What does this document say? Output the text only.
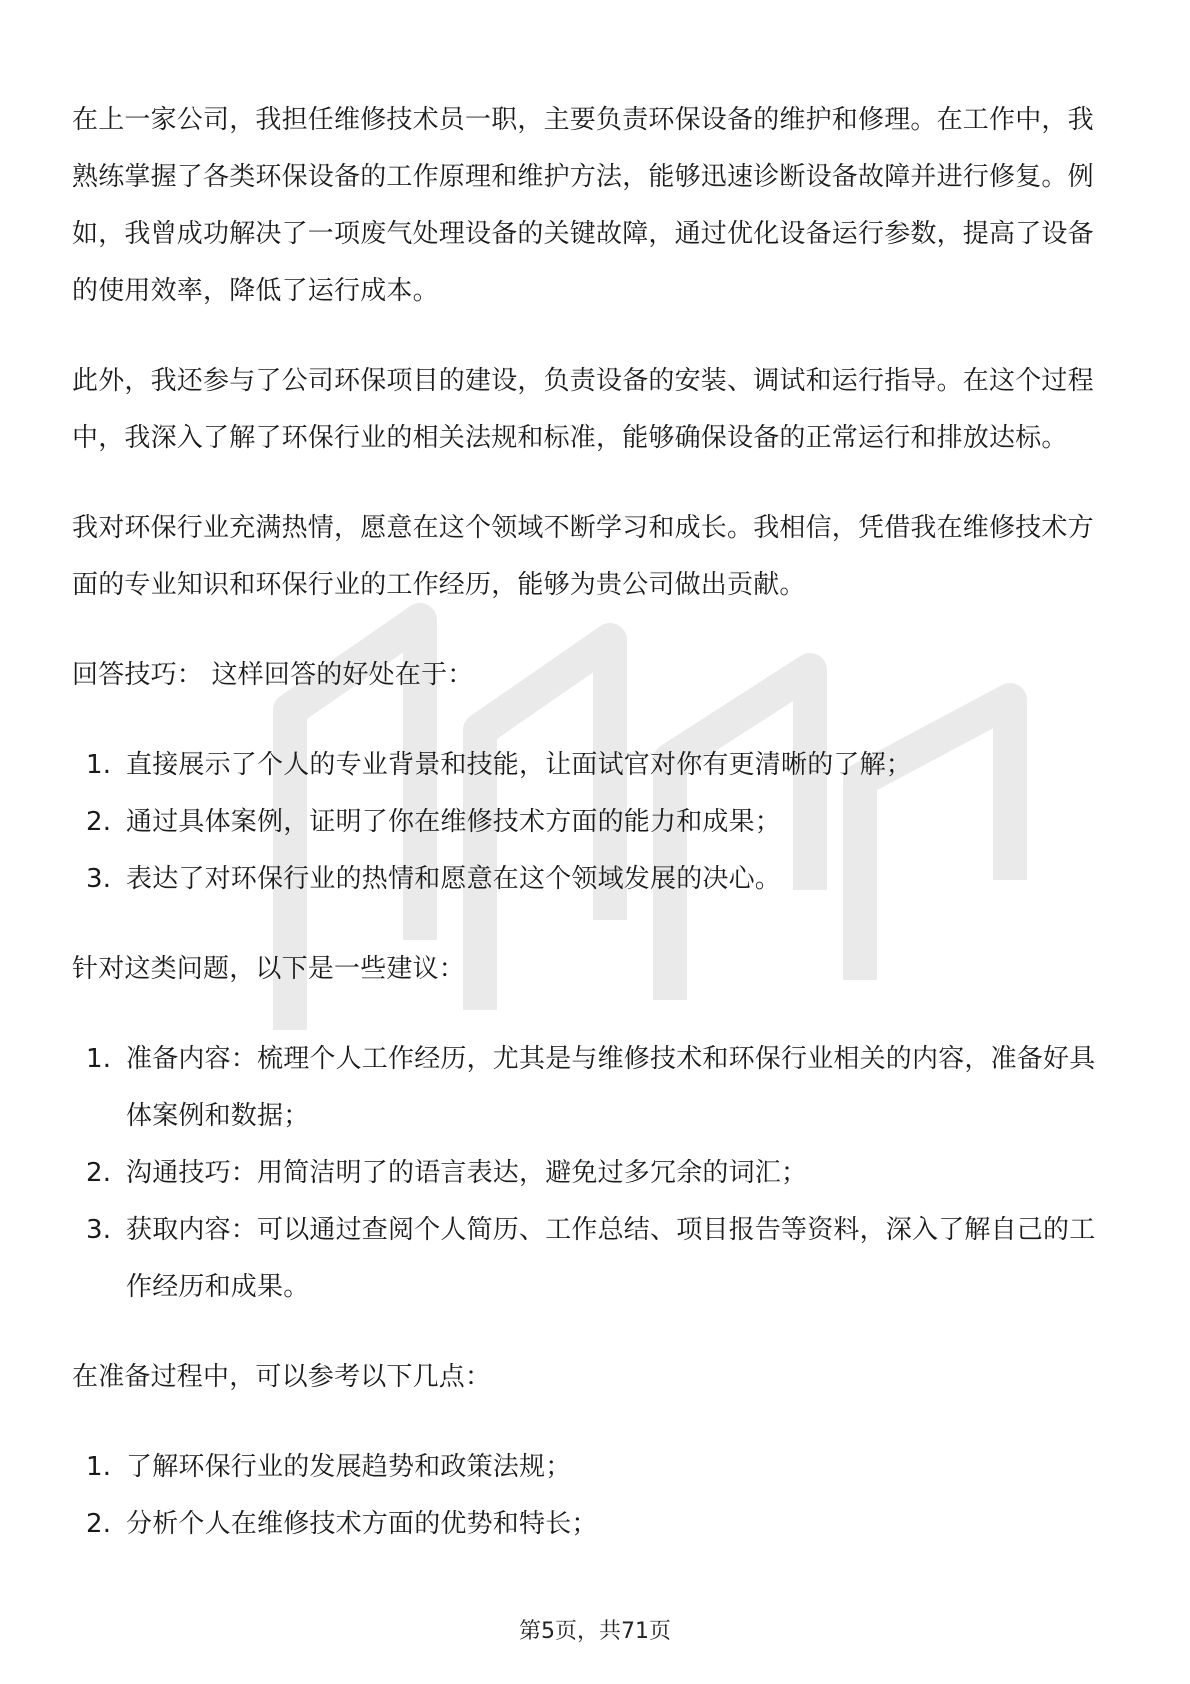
在上一家公司，我担任维修技术员一职，主要负责环保设备的维护和修理。在工作中，我熟练掌握了各类环保设备的工作原理和维护方法，能够迅速诊断设备故障并进行修复。例如，我曾成功解决了一项废气处理设备的关键故障，通过优化设备运行参数，提高了设备的使用效率，降低了运行成本。

此外，我还参与了公司环保项目的建设，负责设备的安装、调试和运行指导。在这个过程中，我深入了解了环保行业的相关法规和标准，能够确保设备的正常运行和排放达标。

我对环保行业充满热情，愿意在这个领域不断学习和成长。我相信，凭借我在维修技术方面的专业知识和环保行业的工作经历，能够为贵公司做出贡献。

回答技巧： 这样回答的好处在于：

1. 直接展示了个人的专业背景和技能，让面试官对你有更清晰的了解；
2. 通过具体案例，证明了你在维修技术方面的能力和成果；
3. 表达了对环保行业的热情和愿意在这个领域发展的决心。

针对这类问题，以下是一些建议：

1. 准备内容：梳理个人工作经历，尤其是与维修技术和环保行业相关的内容，准备好具体案例和数据；
2. 沟通技巧：用简洁明了的语言表达，避免过多冗余的词汇；
3. 获取内容：可以通过查阅个人简历、工作总结、项目报告等资料，深入了解自己的工作经历和成果。

在准备过程中，可以参考以下几点：

1. 了解环保行业的发展趋势和政策法规；
2. 分析个人在维修技术方面的优势和特长；
第5页，共71页
